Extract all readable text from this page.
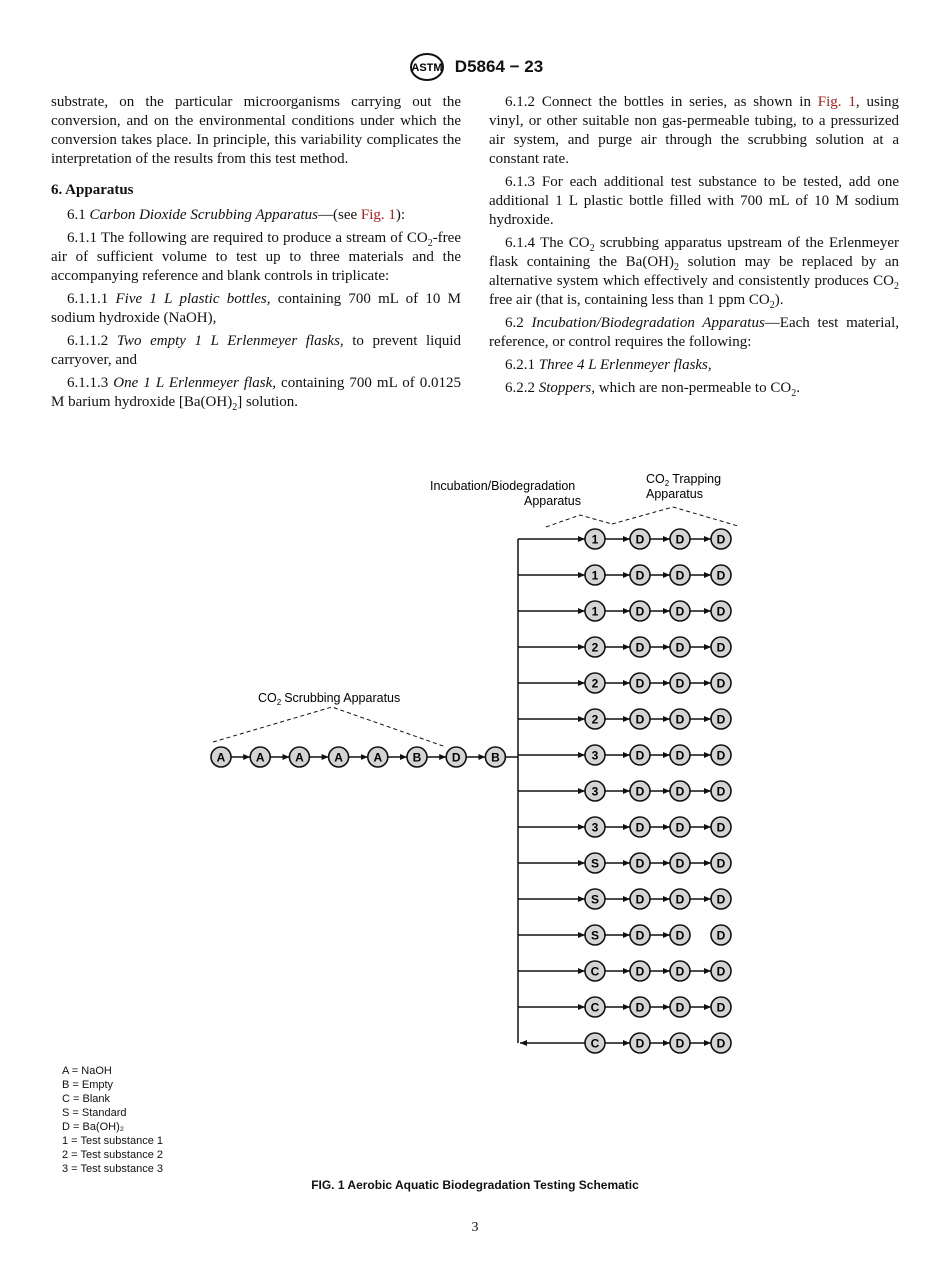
ASTM D5864 − 23

substrate, on the particular microorganisms carrying out the conversion, and on the environmental conditions under which the conversion takes place. In principle, this variability complicates the interpretation of the results from this test method.

6. Apparatus

6.1 Carbon Dioxide Scrubbing Apparatus—(see Fig. 1):

6.1.1 The following are required to produce a stream of $CO_2$-free air of sufficient volume to test up to three materials and the accompanying reference and blank controls in triplicate:

6.1.1.1 Five 1 L plastic bottles, containing 700 mL of 10 M sodium hydroxide (NaOH),

6.1.1.2 Two empty 1 L Erlenmeyer flasks, to prevent liquid carryover, and

6.1.1.3 One 1 L Erlenmeyer flask, containing 700 mL of 0.0125 M barium hydroxide $[Ba(OH)_2]$ solution.

6.1.2 Connect the bottles in series, as shown in Fig. 1, using vinyl, or other suitable non gas-permeable tubing, to a pressurized air system, and purge air through the scrubbing solution at a constant rate.

6.1.3 For each additional test substance to be tested, add one additional 1 L plastic bottle filled with 700 mL of 10 M sodium hydroxide.

6.1.4 The $CO_2$ scrubbing apparatus upstream of the Erlenmeyer flask containing the $Ba(OH)_2$ solution may be replaced by an alternative system which effectively and consistently produces $CO_2$ free air (that is, containing less than 1 ppm $CO_2$).

6.2 Incubation/Biodegradation Apparatus—Each test material, reference, or control requires the following:

6.2.1 Three 4 L Erlenmeyer flasks,

6.2.2 Stoppers, which are non-permeable to $CO_2$.

$CO_2$ Scrubbing Apparatus
Incubation/Biodegradation
Apparatus
$CO_2$ Trapping
Apparatus
A	A	A	A	A	B	D	B
1	D	D	D
1	D	D	D
1	D	D	D
2	D	D	D
2	D	D	D
2	D	D	D
3	D	D	D
3	D	D	D
3	D	D	D
S	D	D	D
S	D	D	D
S	D	D	D
C	D	D	D
C	D	D	D
C	D	D	D
A = NaOH
B = Empty
C = Blank
S = Standard
D = Ba(OH)₂
1 = Test substance 1
2 = Test substance 2
3 = Test substance 3
FIG. 1 Aerobic Aquatic Biodegradation Testing Schematic
3
